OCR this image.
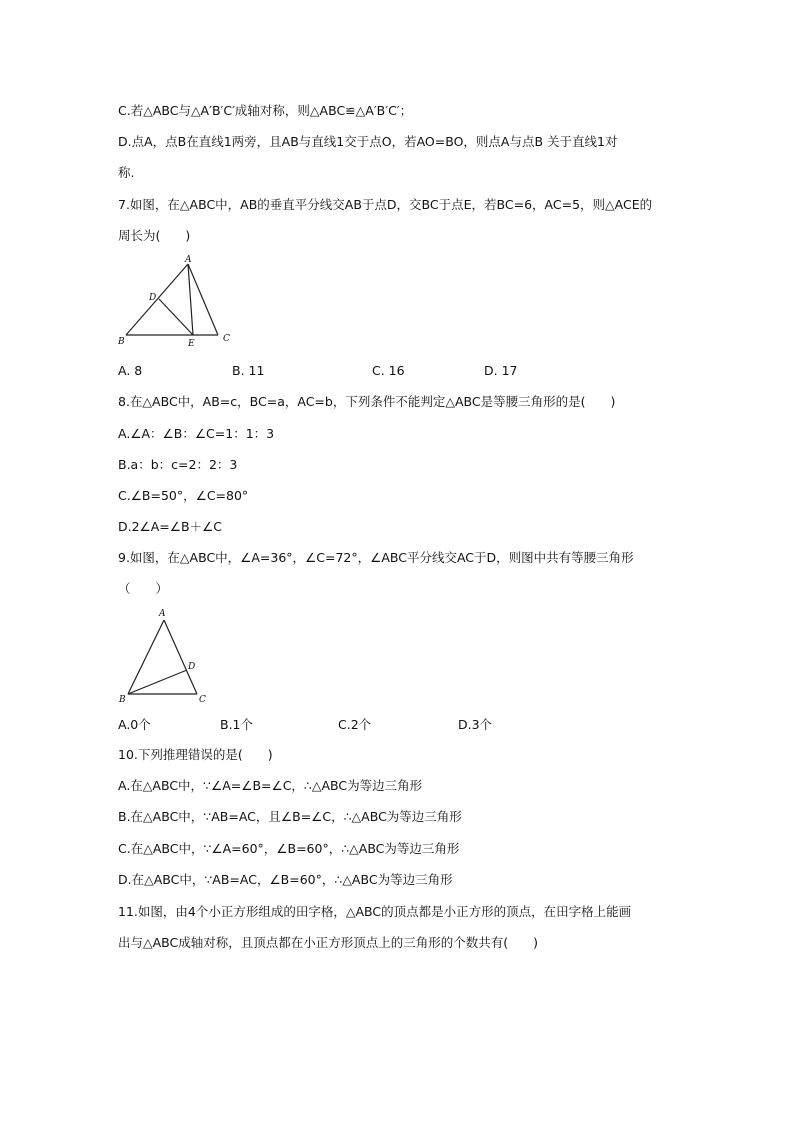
C.若△ABC与△A′B′C′成轴对称，则△ABC≌△A′B′C′；
D.点A，点B在直线1两旁，且AB与直线1交于点O，若AO=BO，则点A与点B 关于直线1对
称.
7.如图，在△ABC中，AB的垂直平分线交AB于点D，交BC于点E，若BC=6，AC=5，则△ACE的
周长为(　　)
A
B	C
D
E
A. 8	B. 11	C. 16	D. 17
8.在△ABC中，AB=c，BC=a，AC=b，下列条件不能判定△ABC是等腰三角形的是(　　)
A.∠A：∠B：∠C=1：1：3
B.a：b：c=2：2：3
C.∠B=50°，∠C=80°
D.2∠A=∠B＋∠C
9.如图，在△ABC中，∠A=36°，∠C=72°，∠ABC平分线交AC于D，则图中共有等腰三角形
（　　）
A
B	C
D
A.0个	B.1个	C.2个	D.3个
10.下列推理错误的是(　　)
A.在△ABC中，∵∠A=∠B=∠C，∴△ABC为等边三角形
B.在△ABC中，∵AB=AC，且∠B=∠C，∴△ABC为等边三角形
C.在△ABC中，∵∠A=60°，∠B=60°，∴△ABC为等边三角形
D.在△ABC中，∵AB=AC，∠B=60°，∴△ABC为等边三角形
11.如图，由4个小正方形组成的田字格，△ABC的顶点都是小正方形的顶点，在田字格上能画
出与△ABC成轴对称，且顶点都在小正方形顶点上的三角形的个数共有(　　)
